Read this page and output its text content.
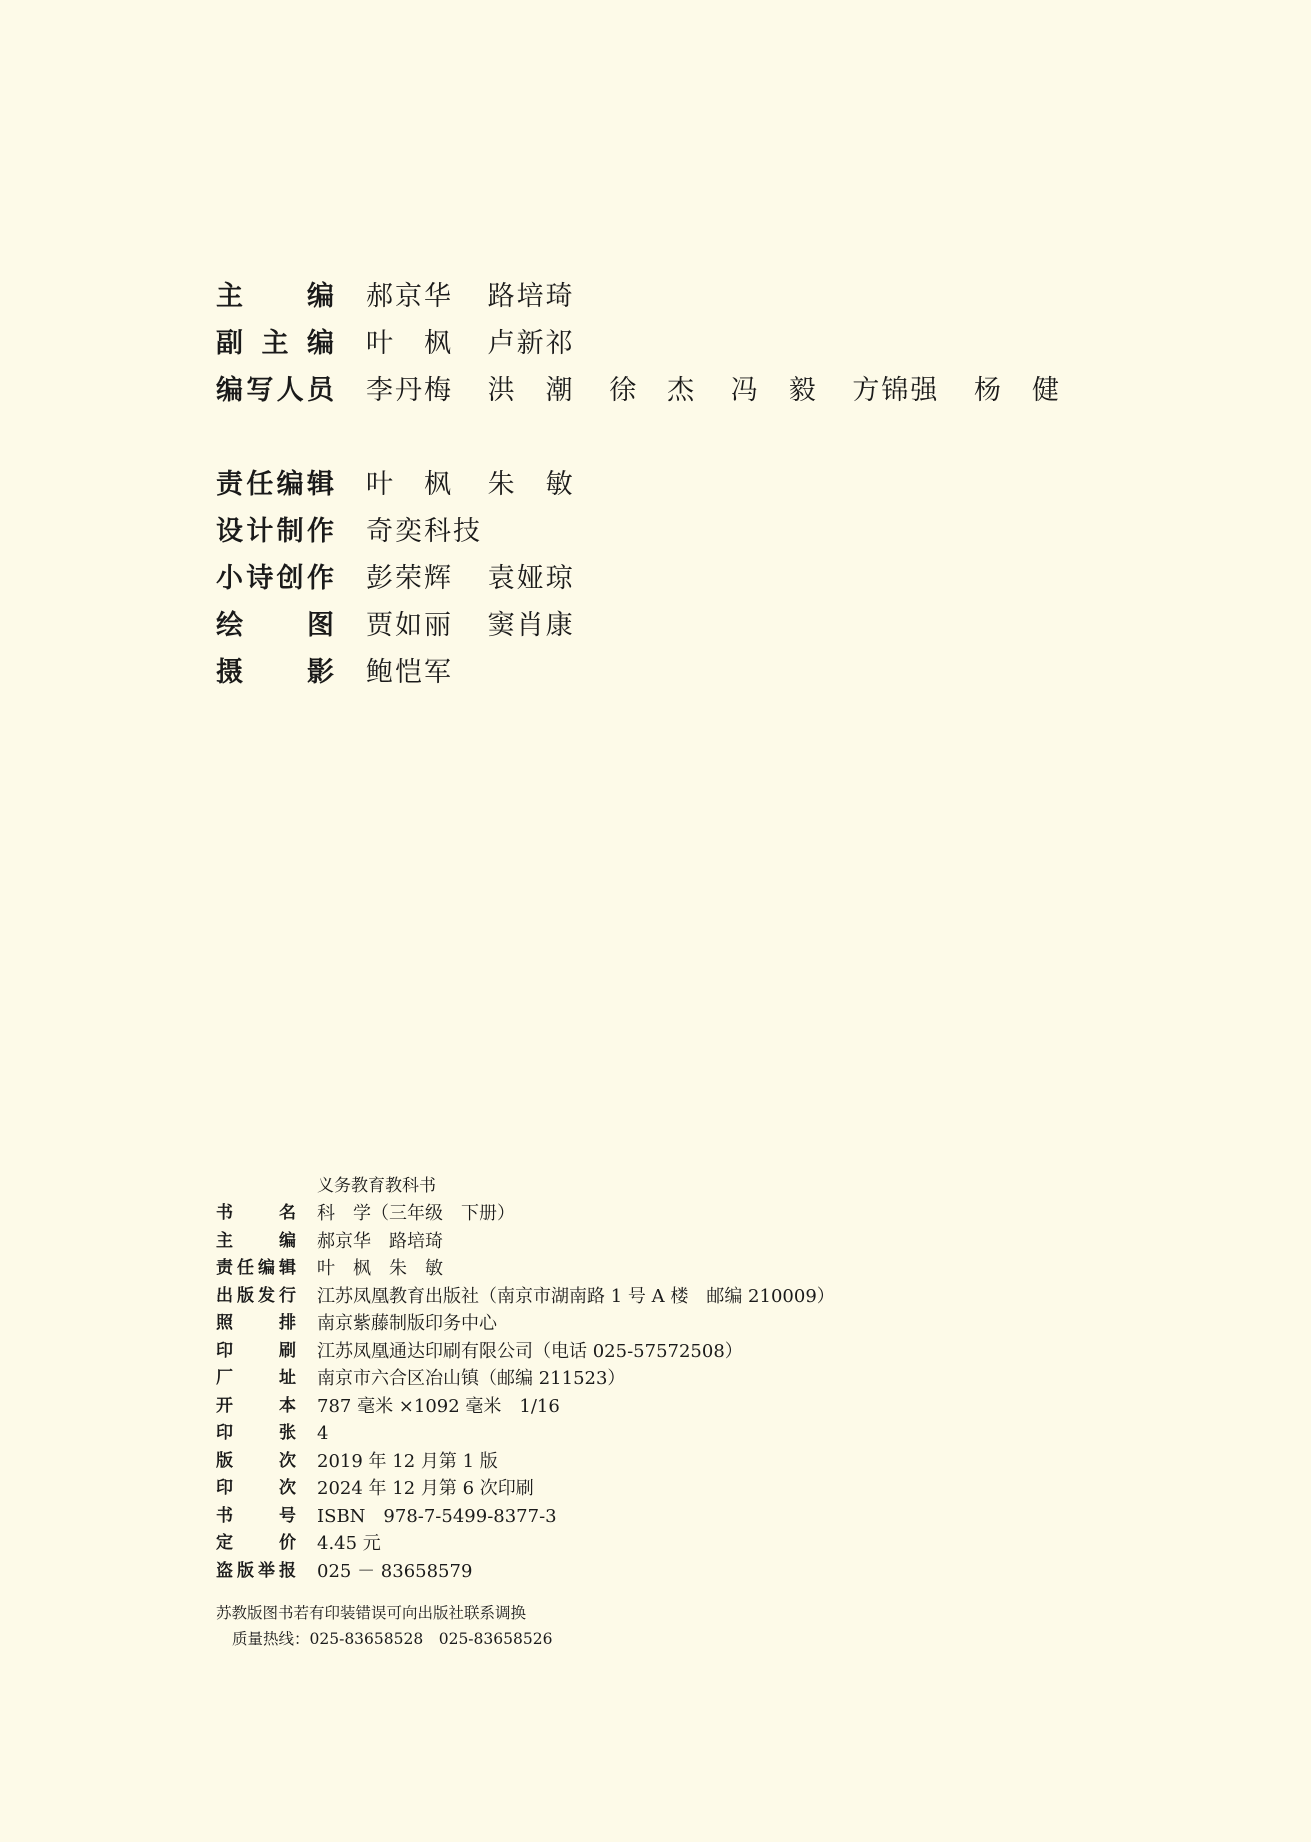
主编 郝京华 路培琦
副主编 叶　枫 卢新祁
编写人员 李丹梅 洪　潮 徐　杰 冯　毅 方锦强 杨　健
责任编辑 叶　枫 朱　敏
设计制作 奇奕科技
小诗创作 彭荣辉 袁娅琼
绘图 贾如丽 窦肖康
摄影 鲍恺军
义务教育教科书
书名 科　学（三年级　下册）
主编 郝京华　路培琦
责任编辑 叶　枫　朱　敏
出版发行 江苏凤凰教育出版社（南京市湖南路 1 号 A 楼　邮编 210009）
照排 南京紫藤制版印务中心
印刷 江苏凤凰通达印刷有限公司（电话 025-57572508）
厂址 南京市六合区冶山镇（邮编 211523）
开本 787 毫米 ×1092 毫米　1/16
印张 4
版次 2019 年 12 月第 1 版
印次 2024 年 12 月第 6 次印刷
书号 ISBN　978-7-5499-8377-3
定价 4.45 元
盗版举报 025 － 83658579
苏教版图书若有印装错误可向出版社联系调换
质量热线：025-83658528　025-83658526
